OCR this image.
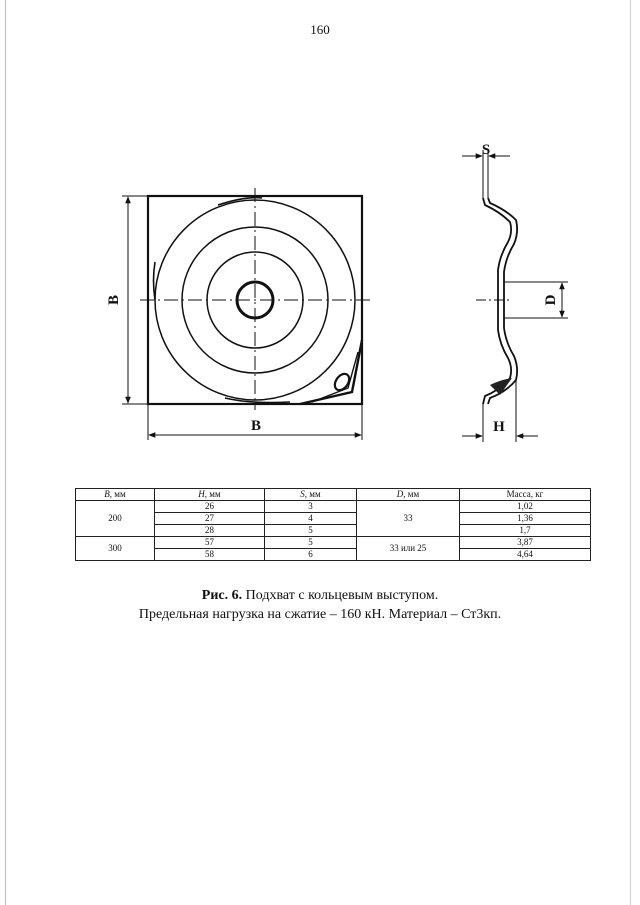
160
B
B
S
D
H
B, мм	H, мм	S, мм	D, мм	Масса, кг
200	26	3	33	1,02
	27	4		1,36
	28	5		1,7
300	57	5	33 или 25	3,87
	58	6		4,64
Рис. 6. Подхват с кольцевым выступом.
Предельная нагрузка на сжатие – 160 кН. Материал – Ст3кп.
